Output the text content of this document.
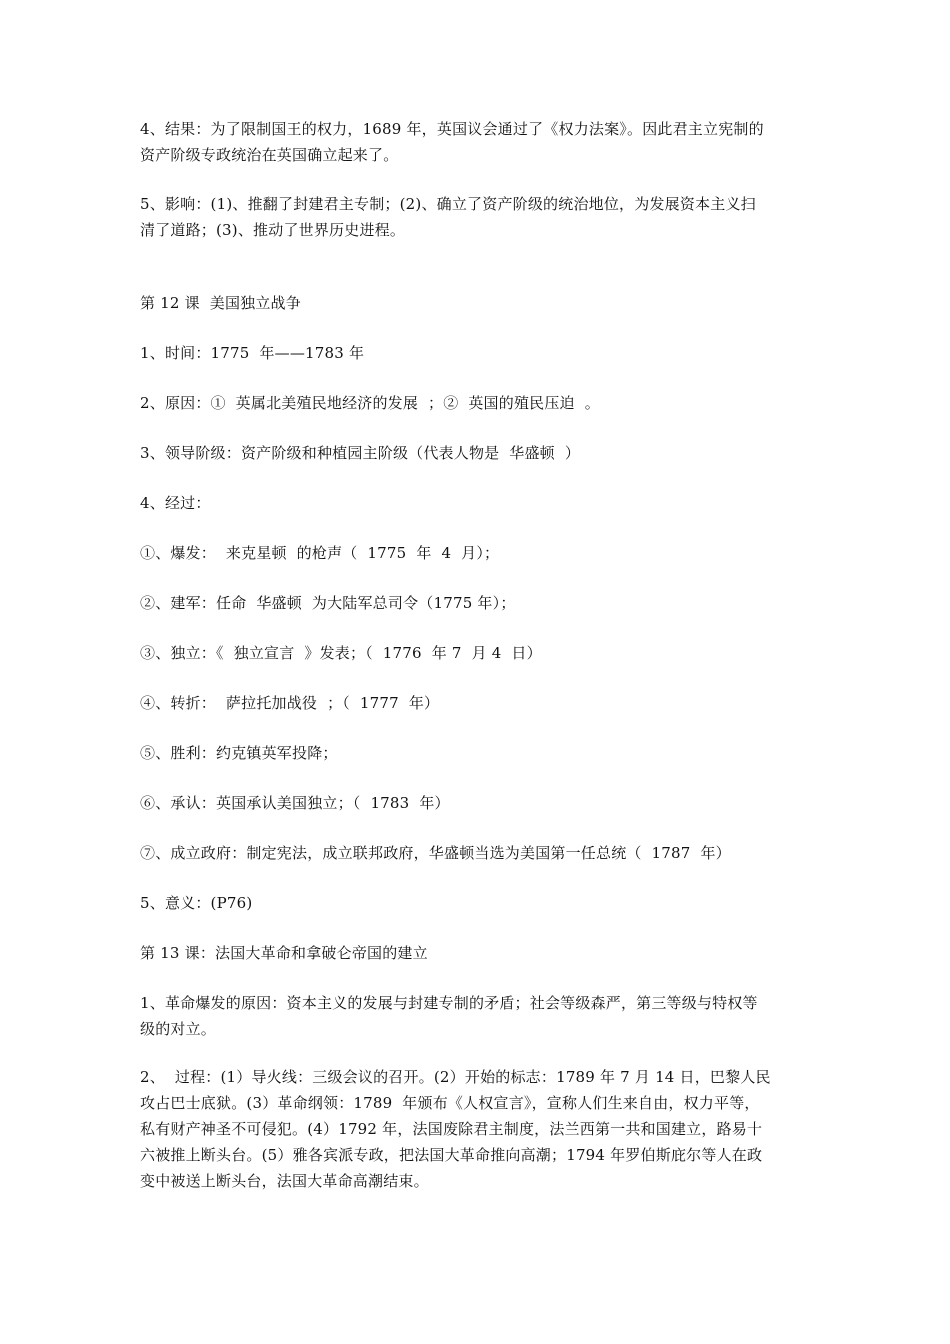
4、结果：为了限制国王的权力，1689 年，英国议会通过了《权力法案》。因此君主立宪制的
资产阶级专政统治在英国确立起来了。
5、影响：(1)、推翻了封建君主专制；(2)、确立了资产阶级的统治地位，为发展资本主义扫
清了道路；(3)、推动了世界历史进程。
第 12 课  美国独立战争
1、时间：1775  年——1783 年
2、原因：①  英属北美殖民地经济的发展  ；②  英国的殖民压迫  。
3、领导阶级：资产阶级和种植园主阶级（代表人物是  华盛顿  ）
4、经过：
①、爆发：  来克星顿  的枪声（  1775  年  4  月）；
②、建军：任命  华盛顿  为大陆军总司令（1775 年）；
③、独立：《  独立宣言  》发表；（  1776  年 7  月 4  日）
④、转折：  萨拉托加战役  ；（  1777  年）
⑤、胜利：约克镇英军投降；
⑥、承认：英国承认美国独立；（  1783  年）
⑦、成立政府：制定宪法，成立联邦政府，华盛顿当选为美国第一任总统（  1787  年）
5、意义：(P76)
第 13 课：法国大革命和拿破仑帝国的建立
1、革命爆发的原因：资本主义的发展与封建专制的矛盾；社会等级森严，第三等级与特权等
级的对立。
2、  过程：(1）导火线：三级会议的召开。(2）开始的标志：1789 年 7 月 14 日，巴黎人民
攻占巴士底狱。(3）革命纲领：1789  年颁布《人权宣言》，宣称人们生来自由，权力平等，
私有财产神圣不可侵犯。(4）1792 年，法国废除君主制度，法兰西第一共和国建立，路易十
六被推上断头台。(5）雅各宾派专政，把法国大革命推向高潮；1794 年罗伯斯庇尔等人在政
变中被送上断头台，法国大革命高潮结束。
